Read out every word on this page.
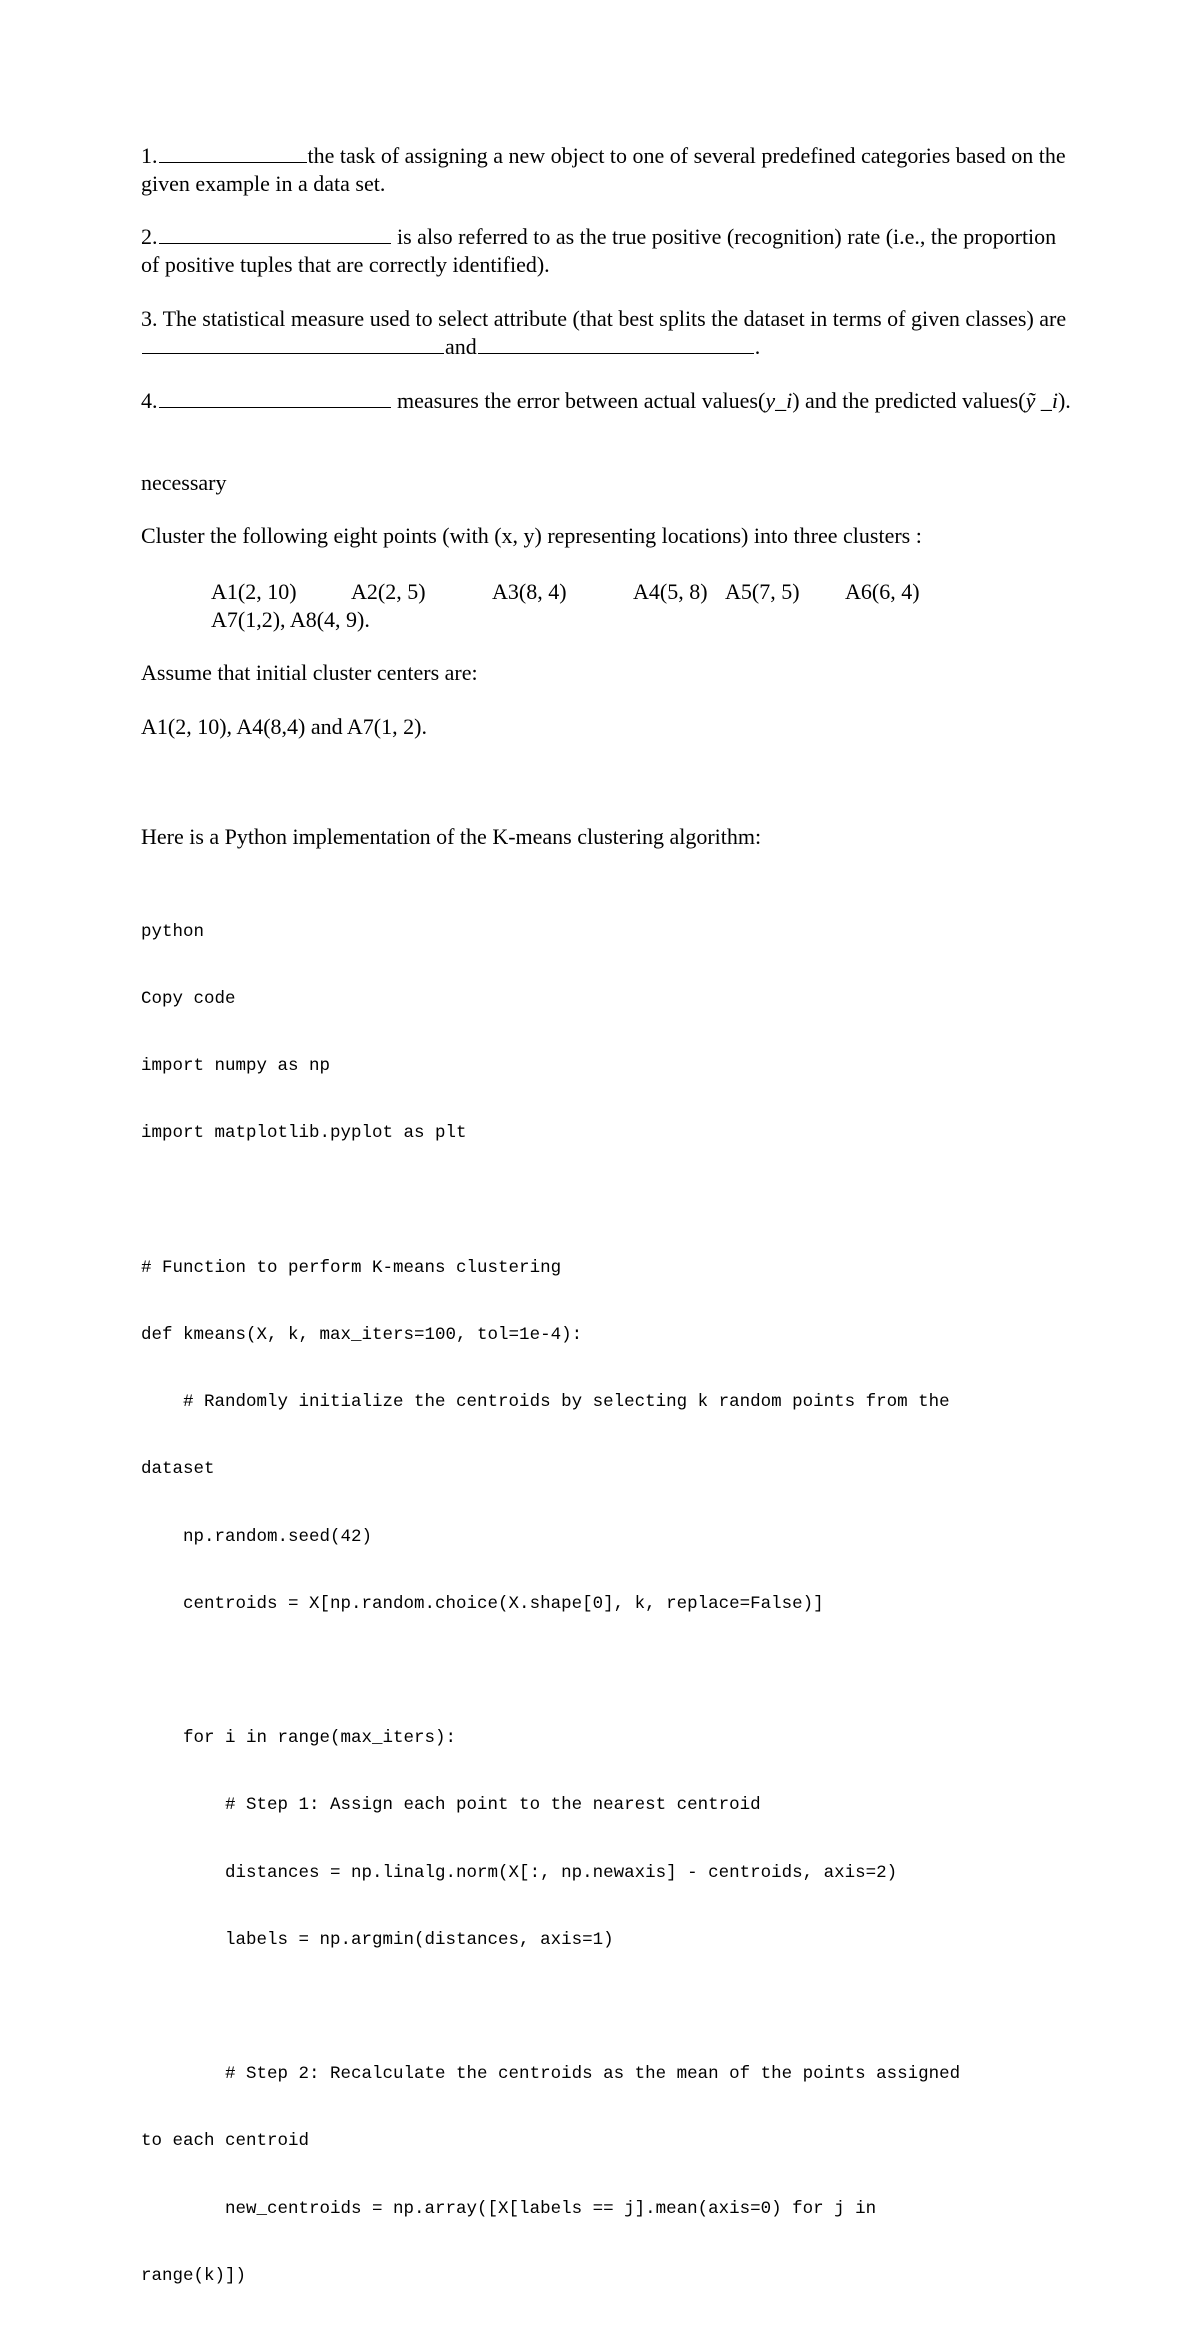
1.	the task of assigning a new object to one of several predefined categories based on the given example in a data set.

2.	is also referred to as the true positive (recognition) rate (i.e., the proportion of positive tuples that are correctly identified).

3. The statistical measure used to select attribute (that best splits the dataset in terms of given classes) are and	.

4.	measures the error between actual values(y_i) and the predicted values(ỹ _i).

necessary

Cluster the following eight points (with (x, y) representing locations) into three clusters :

A1(2, 10) A2(2, 5)	A3(8, 4)	A4(5, 8) A5(7, 5) A6(6, 4)
A7(1,2), A8(4, 9).

Assume that initial cluster centers are:

A1(2, 10), A4(8,4) and A7(1, 2).

Here is a Python implementation of the K-means clustering algorithm:

python

Copy code

import numpy as np

import matplotlib.pyplot as plt

# Function to perform K-means clustering

def kmeans(X, k, max_iters=100, tol=1e-4):

# Randomly initialize the centroids by selecting k random points from the

dataset

np.random.seed(42)

centroids = X[np.random.choice(X.shape[0], k, replace=False)]

for i in range(max_iters):

# Step 1: Assign each point to the nearest centroid

distances = np.linalg.norm(X[:, np.newaxis] - centroids, axis=2)

labels = np.argmin(distances, axis=1)

# Step 2: Recalculate the centroids as the mean of the points assigned

to each centroid

new_centroids = np.array([X[labels == j].mean(axis=0) for j in

range(k)])
